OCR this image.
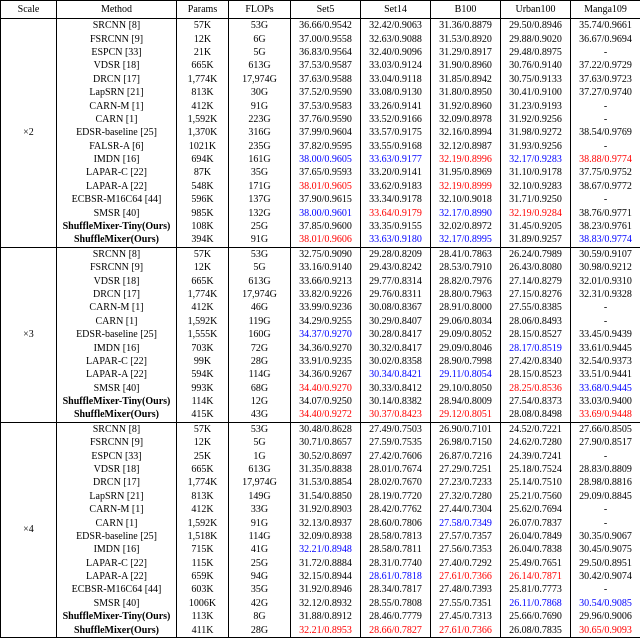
Scale	Method	Params	FLOPs	Set5	Set14	B100	Urban100	Manga109
×2	SRCNN [8]	57K	53G	36.66/0.9542	32.42/0.9063	31.36/0.8879	29.50/0.8946	35.74/0.9661
	FSRCNN [9]	12K	6G	37.00/0.9558	32.63/0.9088	31.53/0.8920	29.88/0.9020	36.67/0.9694
	ESPCN [33]	21K	5G	36.83/0.9564	32.40/0.9096	31.29/0.8917	29.48/0.8975	-
	VDSR [18]	665K	613G	37.53/0.9587	33.03/0.9124	31.90/0.8960	30.76/0.9140	37.22/0.9729
	DRCN [17]	1,774K	17,974G	37.63/0.9588	33.04/0.9118	31.85/0.8942	30.75/0.9133	37.63/0.9723
	LapSRN [21]	813K	30G	37.52/0.9590	33.08/0.9130	31.80/0.8950	30.41/0.9100	37.27/0.9740
	CARN-M [1]	412K	91G	37.53/0.9583	33.26/0.9141	31.92/0.8960	31.23/0.9193	-
	CARN [1]	1,592K	223G	37.76/0.9590	33.52/0.9166	32.09/0.8978	31.92/0.9256	-
	EDSR-baseline [25]	1,370K	316G	37.99/0.9604	33.57/0.9175	32.16/0.8994	31.98/0.9272	38.54/0.9769
	FALSR-A [6]	1021K	235G	37.82/0.9595	33.55/0.9168	32.12/0.8987	31.93/0.9256	-
	IMDN [16]	694K	161G	38.00/0.9605	33.63/0.9177	32.19/0.8996	32.17/0.9283	38.88/0.9774
	LAPAR-C [22]	87K	35G	37.65/0.9593	33.20/0.9141	31.95/0.8969	31.10/0.9178	37.75/0.9752
	LAPAR-A [22]	548K	171G	38.01/0.9605	33.62/0.9183	32.19/0.8999	32.10/0.9283	38.67/0.9772
	ECBSR-M16C64 [44]	596K	137G	37.90/0.9615	33.34/0.9178	32.10/0.9018	31.71/0.9250	-
	SMSR [40]	985K	132G	38.00/0.9601	33.64/0.9179	32.17/0.8990	32.19/0.9284	38.76/0.9771
	ShuffleMixer-Tiny(Ours)	108K	25G	37.85/0.9600	33.35/0.9155	32.02/0.8972	31.45/0.9205	38.23/0.9761
	ShuffleMixer(Ours)	394K	91G	38.01/0.9606	33.63/0.9180	32.17/0.8995	31.89/0.9257	38.83/0.9774
×3	SRCNN [8]	57K	53G	32.75/0.9090	29.28/0.8209	28.41/0.7863	26.24/0.7989	30.59/0.9107
	FSRCNN [9]	12K	5G	33.16/0.9140	29.43/0.8242	28.53/0.7910	26.43/0.8080	30.98/0.9212
	VDSR [18]	665K	613G	33.66/0.9213	29.77/0.8314	28.82/0.7976	27.14/0.8279	32.01/0.9310
	DRCN [17]	1,774K	17,974G	33.82/0.9226	29.76/0.8311	28.80/0.7963	27.15/0.8276	32.31/0.9328
	CARN-M [1]	412K	46G	33.99/0.9236	30.08/0.8367	28.91/0.8000	27.55/0.8385	-
	CARN [1]	1,592K	119G	34.29/0.9255	30.29/0.8407	29.06/0.8034	28.06/0.8493	-
	EDSR-baseline [25]	1,555K	160G	34.37/0.9270	30.28/0.8417	29.09/0.8052	28.15/0.8527	33.45/0.9439
	IMDN [16]	703K	72G	34.36/0.9270	30.32/0.8417	29.09/0.8046	28.17/0.8519	33.61/0.9445
	LAPAR-C [22]	99K	28G	33.91/0.9235	30.02/0.8358	28.90/0.7998	27.42/0.8340	32.54/0.9373
	LAPAR-A [22]	594K	114G	34.36/0.9267	30.34/0.8421	29.11/0.8054	28.15/0.8523	33.51/0.9441
	SMSR [40]	993K	68G	34.40/0.9270	30.33/0.8412	29.10/0.8050	28.25/0.8536	33.68/0.9445
	ShuffleMixer-Tiny(Ours)	114K	12G	34.07/0.9250	30.14/0.8382	28.94/0.8009	27.54/0.8373	33.03/0.9400
	ShuffleMixer(Ours)	415K	43G	34.40/0.9272	30.37/0.8423	29.12/0.8051	28.08/0.8498	33.69/0.9448
×4	SRCNN [8]	57K	53G	30.48/0.8628	27.49/0.7503	26.90/0.7101	24.52/0.7221	27.66/0.8505
	FSRCNN [9]	12K	5G	30.71/0.8657	27.59/0.7535	26.98/0.7150	24.62/0.7280	27.90/0.8517
	ESPCN [33]	25K	1G	30.52/0.8697	27.42/0.7606	26.87/0.7216	24.39/0.7241	-
	VDSR [18]	665K	613G	31.35/0.8838	28.01/0.7674	27.29/0.7251	25.18/0.7524	28.83/0.8809
	DRCN [17]	1,774K	17,974G	31.53/0.8854	28.02/0.7670	27.23/0.7233	25.14/0.7510	28.98/0.8816
	LapSRN [21]	813K	149G	31.54/0.8850	28.19/0.7720	27.32/0.7280	25.21/0.7560	29.09/0.8845
	CARN-M [1]	412K	33G	31.92/0.8903	28.42/0.7762	27.44/0.7304	25.62/0.7694	-
	CARN [1]	1,592K	91G	32.13/0.8937	28.60/0.7806	27.58/0.7349	26.07/0.7837	-
	EDSR-baseline [25]	1,518K	114G	32.09/0.8938	28.58/0.7813	27.57/0.7357	26.04/0.7849	30.35/0.9067
	IMDN [16]	715K	41G	32.21/0.8948	28.58/0.7811	27.56/0.7353	26.04/0.7838	30.45/0.9075
	LAPAR-C [22]	115K	25G	31.72/0.8884	28.31/0.7740	27.40/0.7292	25.49/0.7651	29.50/0.8951
	LAPAR-A [22]	659K	94G	32.15/0.8944	28.61/0.7818	27.61/0.7366	26.14/0.7871	30.42/0.9074
	ECBSR-M16C64 [44]	603K	35G	31.92/0.8946	28.34/0.7817	27.48/0.7393	25.81/0.7773	-
	SMSR [40]	1006K	42G	32.12/0.8932	28.55/0.7808	27.55/0.7351	26.11/0.7868	30.54/0.9085
	ShuffleMixer-Tiny(Ours)	113K	8G	31.88/0.8912	28.46/0.7779	27.45/0.7313	25.66/0.7690	29.96/0.9006
	ShuffleMixer(Ours)	411K	28G	32.21/0.8953	28.66/0.7827	27.61/0.7366	26.08/0.7835	30.65/0.9093
